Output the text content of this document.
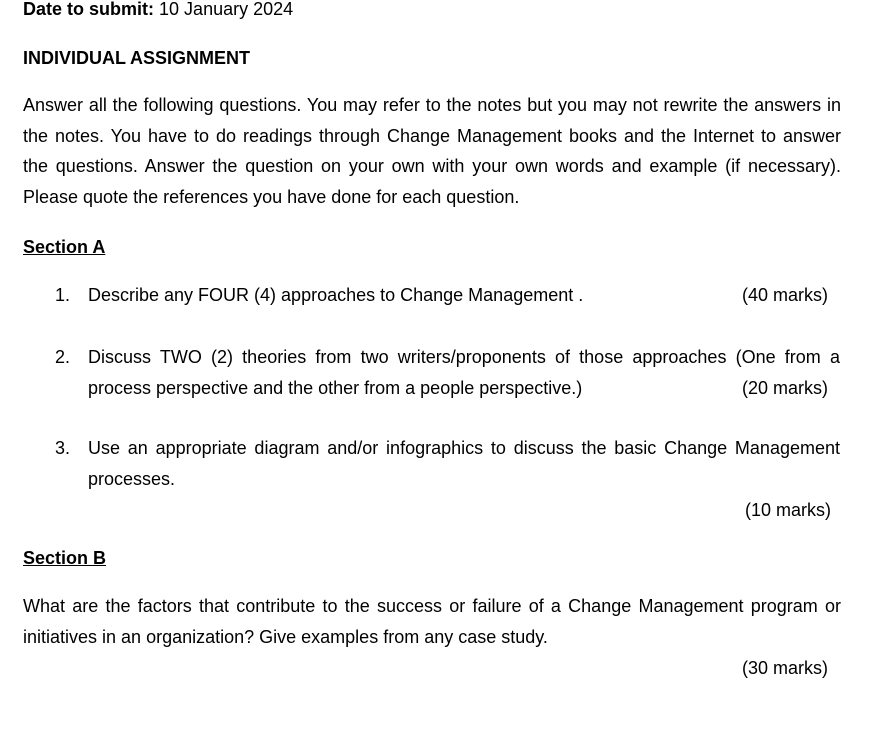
Date to submit: 10 January 2024
INDIVIDUAL ASSIGNMENT
Answer all the following questions. You may refer to the notes but you may not rewrite the answers in the notes. You have to do readings through Change Management books and the Internet to answer the questions. Answer the question on your own with your own words and example (if necessary). Please quote the references you have done for each question.
Section A
1. Describe any FOUR (4) approaches to Change Management .	(40 marks)
2. Discuss TWO (2) theories from two writers/proponents of those approaches (One from a process perspective and the other from a people perspective.)	(20 marks)
3. Use an appropriate diagram and/or infographics to discuss the basic Change Management processes.
(10 marks)
Section B
What are the factors that contribute to the success or failure of a Change Management program or initiatives in an organization? Give examples from any case study.
(30 marks)
